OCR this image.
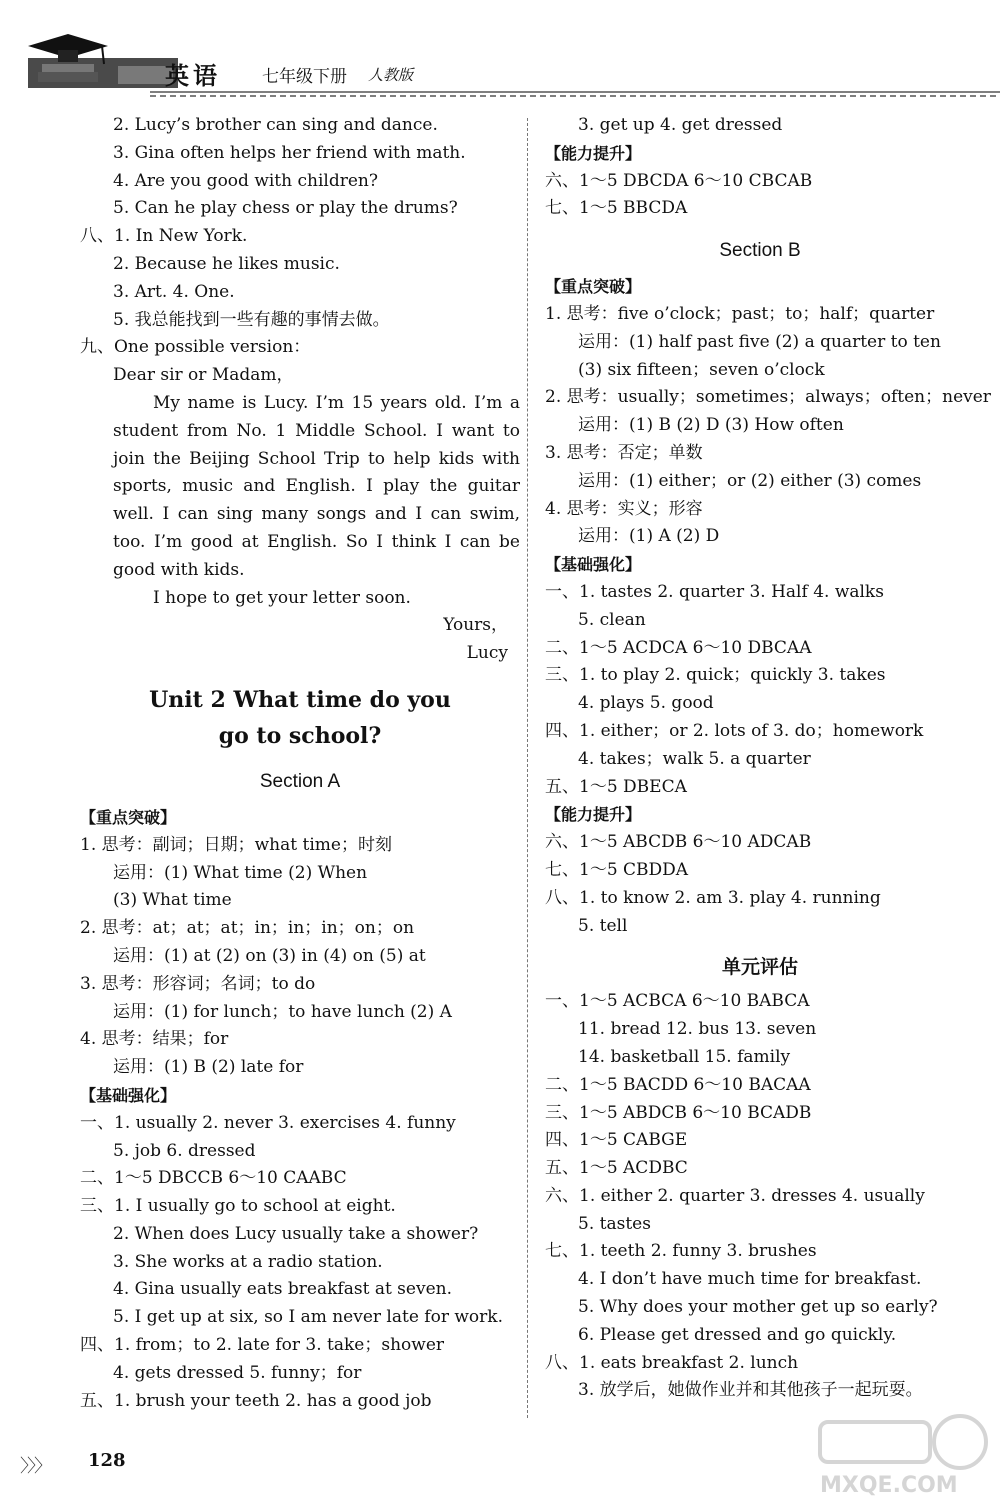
英语 七年级下册 人教版
2. Lucy’s brother can sing and dance.
3. Gina often helps her friend with math.
4. Are you good with children?
5. Can he play chess or play the drums?
八、1. In New York.
2. Because he likes music.
3. Art. 4. One.
5. 我总能找到一些有趣的事情去做。
九、One possible version：
Dear sir or Madam，
My name is Lucy. I’m 15 years old. I’m a
student from No. 1 Middle School. I want to
join the Beijing School Trip to help kids with
sports, music and English. I play the guitar
well. I can sing many songs and I can swim,
too. I’m good at English. So I think I can be
good with kids.
I hope to get your letter soon.
Yours，
Lucy
Unit 2 What time do you
go to school?
Section A
【重点突破】
1. 思考：副词；日期；what time；时刻
运用：(1) What time (2) When
(3) What time
2. 思考：at；at；at；in；in；in；on；on
运用：(1) at (2) on (3) in (4) on (5) at
3. 思考：形容词；名词；to do
运用：(1) for lunch；to have lunch (2) A
4. 思考：结果；for
运用：(1) B (2) late for
【基础强化】
一、1. usually 2. never 3. exercises 4. funny
5. job 6. dressed
二、1～5 DBCCB 6～10 CAABC
三、1. I usually go to school at eight.
2. When does Lucy usually take a shower?
3. She works at a radio station.
4. Gina usually eats breakfast at seven.
5. I get up at six, so I am never late for work.
四、1. from；to 2. late for 3. take；shower
4. gets dressed 5. funny；for
五、1. brush your teeth 2. has a good job
3. get up 4. get dressed
【能力提升】
六、1～5 DBCDA 6～10 CBCAB
七、1～5 BBCDA
Section B
【重点突破】
1. 思考：five o’clock；past；to；half；quarter
运用：(1) half past five (2) a quarter to ten
(3) six fifteen；seven o’clock
2. 思考：usually；sometimes；always；often；never
运用：(1) B (2) D (3) How often
3. 思考：否定；单数
运用：(1) either；or (2) either (3) comes
4. 思考：实义；形容
运用：(1) A (2) D
【基础强化】
一、1. tastes 2. quarter 3. Half 4. walks
5. clean
二、1～5 ACDCA 6～10 DBCAA
三、1. to play 2. quick；quickly 3. takes
4. plays 5. good
四、1. either；or 2. lots of 3. do；homework
4. takes；walk 5. a quarter
五、1～5 DBECA
【能力提升】
六、1～5 ABCDB 6～10 ADCAB
七、1～5 CBDDA
八、1. to know 2. am 3. play 4. running
5. tell
单元评估
一、1～5 ACBCA 6～10 BABCA
11. bread 12. bus 13. seven
14. basketball 15. family
二、1～5 BACDD 6～10 BACAA
三、1～5 ABDCB 6～10 BCADB
四、1～5 CABGE
五、1～5 ACDBC
六、1. either 2. quarter 3. dresses 4. usually
5. tastes
七、1. teeth 2. funny 3. brushes
4. I don’t have much time for breakfast.
5. Why does your mother get up so early?
6. Please get dressed and go quickly.
八、1. eats breakfast 2. lunch
3. 放学后，她做作业并和其他孩子一起玩耍。
〉〉〉 128
MXQE.COM
